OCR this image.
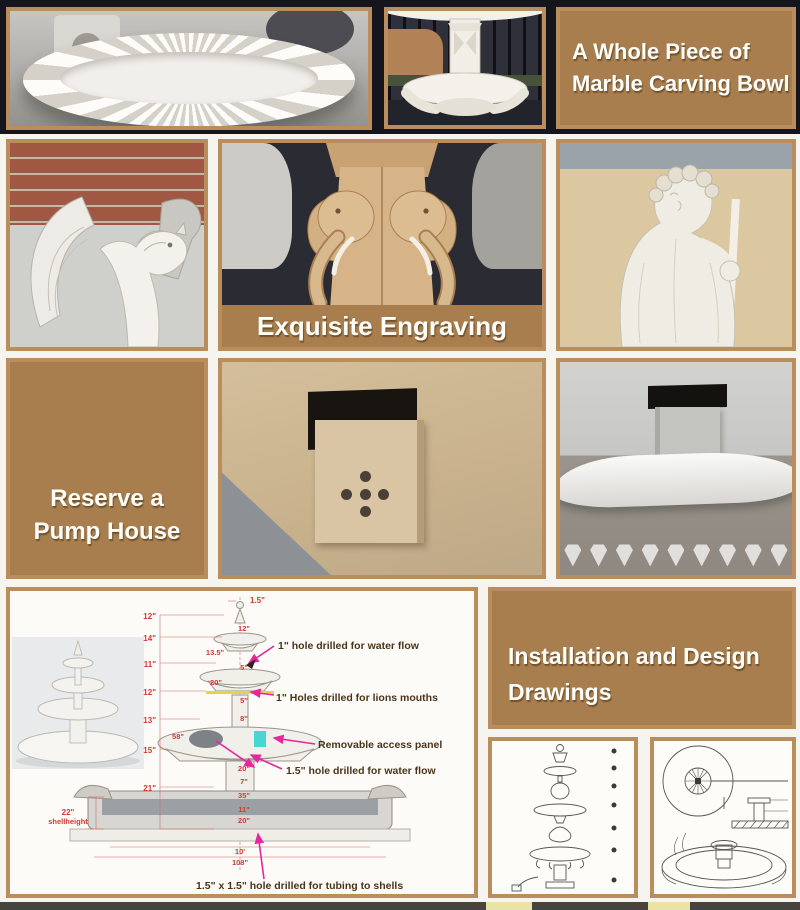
A Whole Piece of
Marble Carving Bowl
Exquisite Engraving
Reserve a
Pump House
12"
14"
11"
12"
13"
15"
21"
22"
shellheight
1.5"
12"
13.5"
5"
20"
5"
8"
58"
20"
7"
35"
11"
20"
10'
108"
1" hole drilled for water flow
1" Holes drilled for lions mouths
Removable access panel
1.5" hole drilled for water flow
1.5" x 1.5" hole drilled for tubing to shells
Installation and Design
Drawings
